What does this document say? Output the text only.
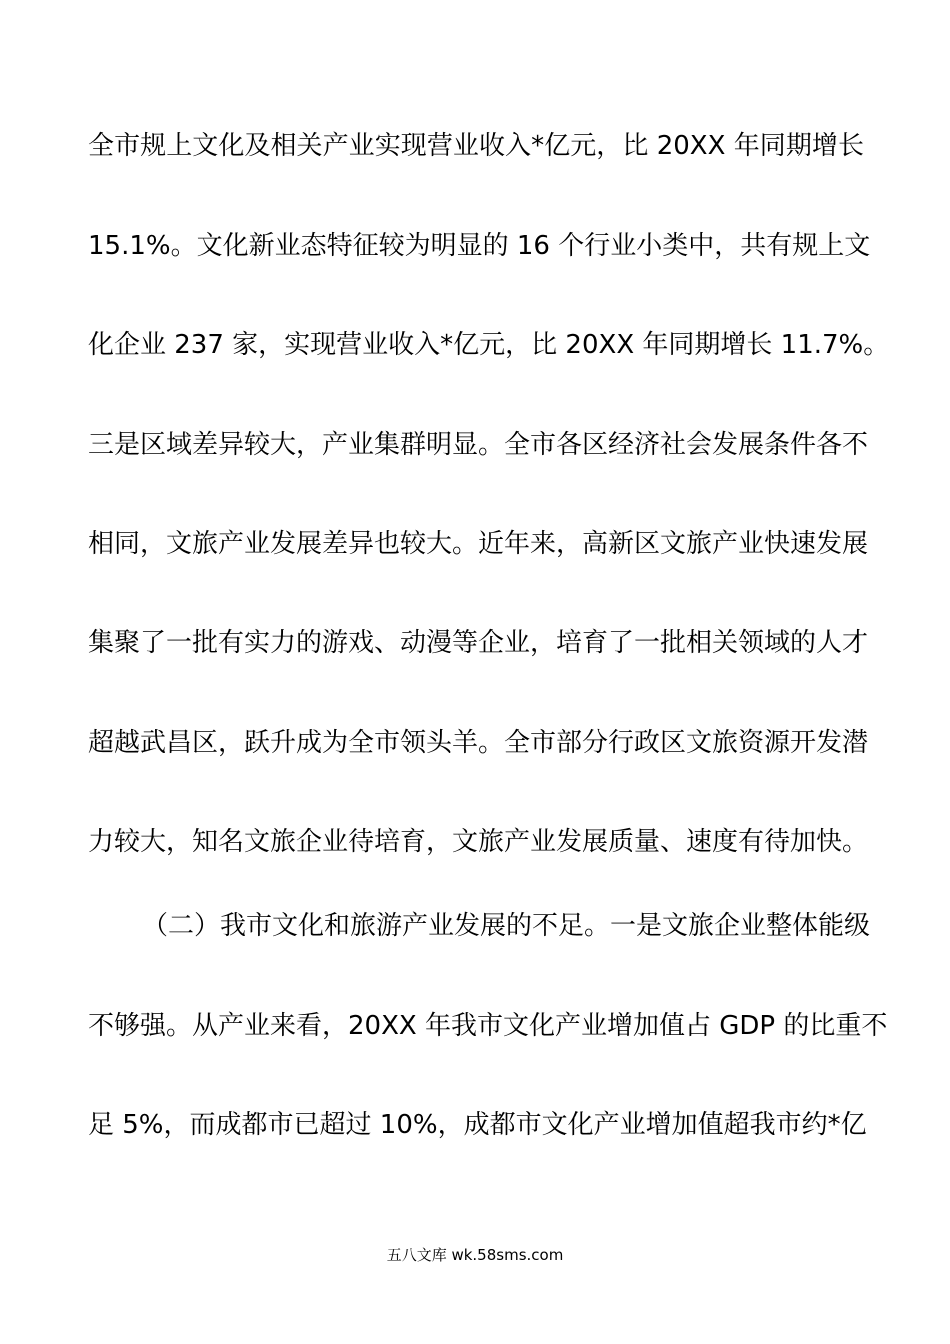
全市规上文化及相关产业实现营业收入*亿元，比 20XX 年同期增长
15.1%。文化新业态特征较为明显的 16 个行业小类中，共有规上文
化企业 237 家，实现营业收入*亿元，比 20XX 年同期增长 11.7%。
三是区域差异较大，产业集群明显。全市各区经济社会发展条件各不
相同，文旅产业发展差异也较大。近年来，高新区文旅产业快速发展
集聚了一批有实力的游戏、动漫等企业，培育了一批相关领域的人才
超越武昌区，跃升成为全市领头羊。全市部分行政区文旅资源开发潜
力较大，知名文旅企业待培育，文旅产业发展质量、速度有待加快。
（二）我市文化和旅游产业发展的不足。一是文旅企业整体能级
不够强。从产业来看，20XX 年我市文化产业增加值占 GDP 的比重不
足 5%，而成都市已超过 10%，成都市文化产业增加值超我市约*亿
五八文库 wk.58sms.com
